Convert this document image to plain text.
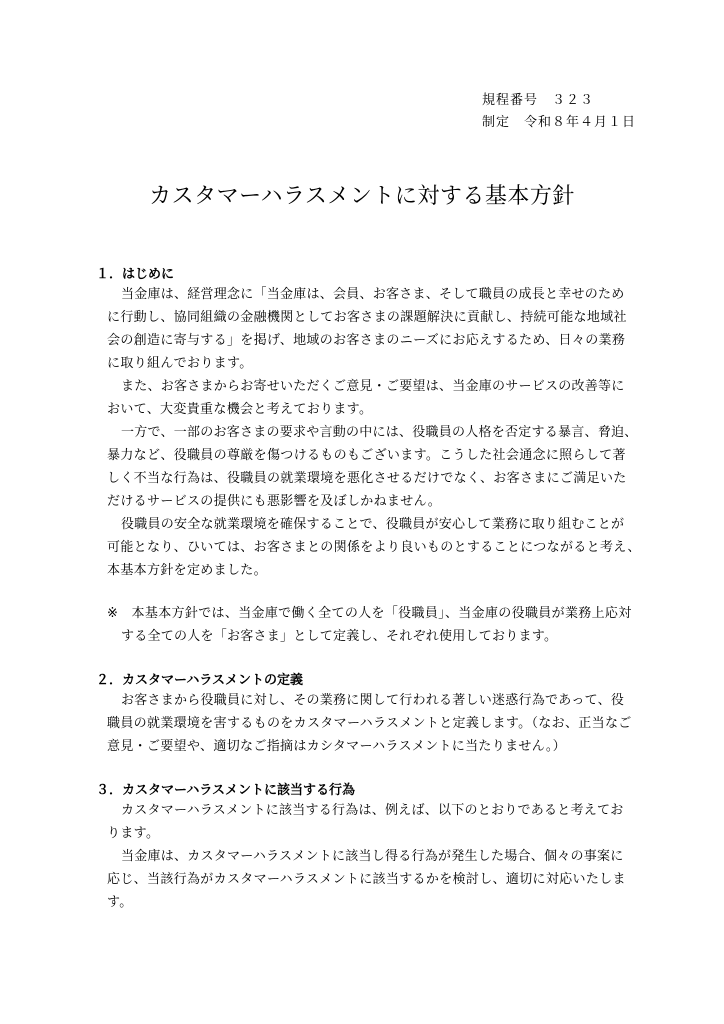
規程番号　３２３
制定　令和８年４月１日
カスタマーハラスメントに対する基本方針
１．はじめに
当金庫は、経営理念に「当金庫は、会員、お客さま、そして職員の成長と幸せのため
に行動し、協同組織の金融機関としてお客さまの課題解決に貢献し、持続可能な地域社
会の創造に寄与する」を掲げ、地域のお客さまのニーズにお応えするため、日々の業務
に取り組んでおります。
また、お客さまからお寄せいただくご意見・ご要望は、当金庫のサービスの改善等に
おいて、大変貴重な機会と考えております。
一方で、一部のお客さまの要求や言動の中には、役職員の人格を否定する暴言、脅迫、
暴力など、役職員の尊厳を傷つけるものもございます。こうした社会通念に照らして著
しく不当な行為は、役職員の就業環境を悪化させるだけでなく、お客さまにご満足いた
だけるサービスの提供にも悪影響を及ぼしかねません。
役職員の安全な就業環境を確保することで、役職員が安心して業務に取り組むことが
可能となり、ひいては、お客さまとの関係をより良いものとすることにつながると考え、
本基本方針を定めました。
※　本基本方針では、当金庫で働く全ての人を「役職員」、当金庫の役職員が業務上応対
する全ての人を「お客さま」として定義し、それぞれ使用しております。
２．カスタマーハラスメントの定義
お客さまから役職員に対し、その業務に関して行われる著しい迷惑行為であって、役
職員の就業環境を害するものをカスタマーハラスメントと定義します。（なお、正当なご
意見・ご要望や、適切なご指摘はカシタマーハラスメントに当たりません。）
３．カスタマーハラスメントに該当する行為
カスタマーハラスメントに該当する行為は、例えば、以下のとおりであると考えてお
ります。
当金庫は、カスタマーハラスメントに該当し得る行為が発生した場合、個々の事案に
応じ、当該行為がカスタマーハラスメントに該当するかを検討し、適切に対応いたしま
す。
